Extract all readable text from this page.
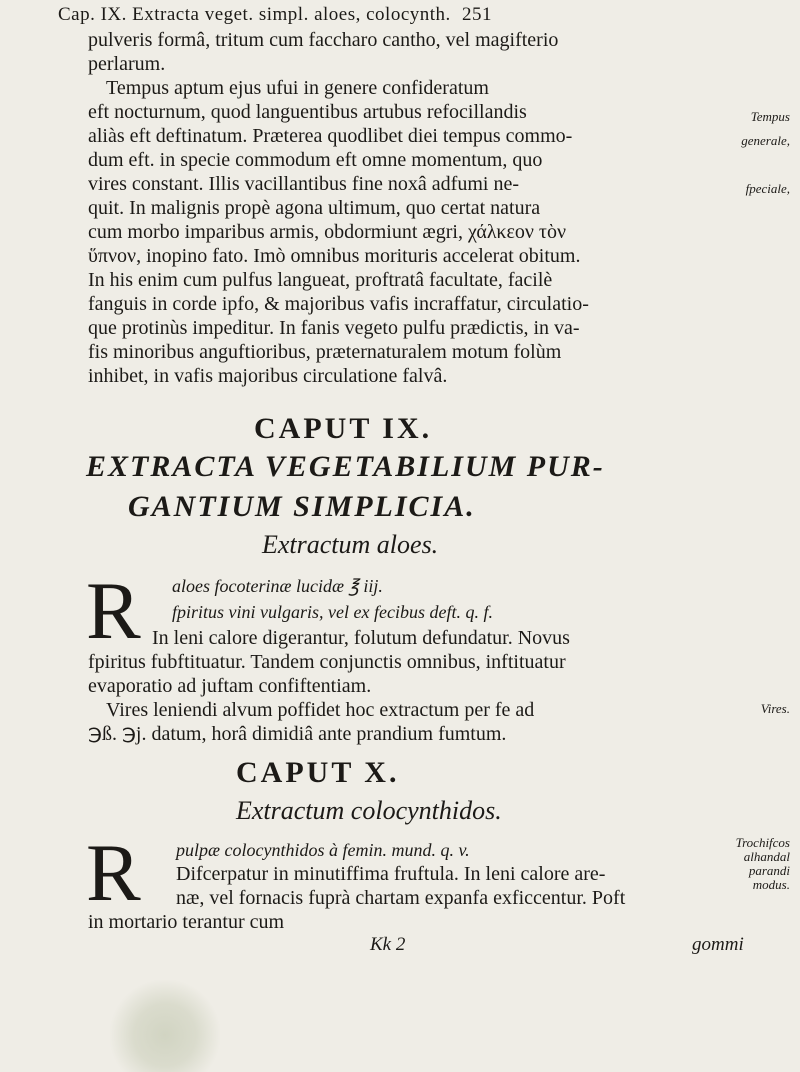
Cap. IX. Extracta veget. simpl. aloes, colocynth. 251
pulveris formâ, tritum cum faccharo cantho, vel magifterio
perlarum.
Tempus aptum ejus ufui in genere confideratum
eft nocturnum, quod languentibus artubus refocillandis
aliàs eft deftinatum. Præterea quodlibet diei tempus commo-
dum eft. in specie commodum eft omne momentum, quo
vires constant. Illis vacillantibus fine noxâ adfumi ne-
quit. In malignis propè agona ultimum, quo certat natura
cum morbo imparibus armis, obdormiunt ægri, χάλκεον τὸν
ὕπνον, inopino fato. Imò omnibus morituris accelerat obitum.
In his enim cum pulfus langueat, proftratâ facultate, facilè
fanguis in corde ipfo, & majoribus vafis incraffatur, circulatio-
que protinùs impeditur. In fanis vegeto pulfu prædictis, in va-
fis minoribus anguftioribus, præternaturalem motum folùm
inhibet, in vafis majoribus circulatione falvâ.
Tempus
generale,
fpeciale,
CAPUT IX.
EXTRACTA VEGETABILIUM PUR-
GANTIUM SIMPLICIA.
Extractum aloes.
R aloes focoterinæ lucidæ ℥ iij.
fpiritus vini vulgaris, vel ex fecibus deft. q. f.
In leni calore digerantur, folutum defundatur. Novus
fpiritus fubftituatur. Tandem conjunctis omnibus, inftituatur
evaporatio ad juftam confiftentiam.
Vires leniendi alvum poffidet hoc extractum per fe ad	Vires.
℈ß. ℈j. datum, horâ dimidiâ ante prandium fumtum.
CAPUT X.
Extractum colocynthidos.
R pulpæ colocynthidos à femin. mund. q. v.
Difcerpatur in minutiffima fruftula. In leni calore are-
næ, vel fornacis fuprà chartam expanfa exficcentur. Poft
in mortario terantur cum
Trochifcos
alhandal
parandi
modus.
Kk 2	gommi
